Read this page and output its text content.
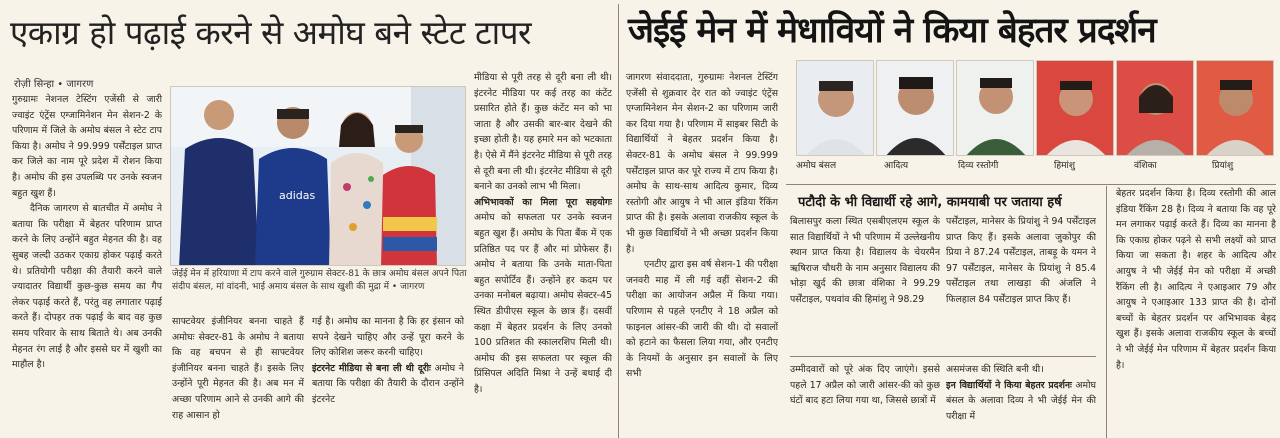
एकाग्र हो पढ़ाई करने से अमोघ बने स्टेट टापर
रोज़ी सिन्हा • जागरण

गुरुग्रामः नेशनल टेस्टिंग एजेंसी से जारी ज्वाइंट एंट्रेंस एग्जामिनेशन मेन सेशन-2 के परिणाम में जिले के अमोघ बंसल ने स्टेट टाप किया है। अमोघ ने 99.999 पर्सेंटाइल प्राप्त कर जिले का नाम पूरे प्रदेश में रोशन किया है। अमोघ की इस उपलब्धि पर उनके स्वजन बहुत खुश हैं।

दैनिक जागरण से बातचीत में अमोघ ने बताया कि परीक्षा में बेहतर परिणाम प्राप्त करने के लिए उन्होंने बहुत मेहनत की है। वह सुबह जल्दी उठकर एकाग्र होकर पढ़ाई करते थे। प्रतियोगी परीक्षा की तैयारी करने वाले ज्यादातर विद्यार्थी कुछ-कुछ समय का गैप लेकर पढ़ाई करते हैं, परंतु वह लगातार पढ़ाई करते हैं। दोपहर तक पढ़ाई के बाद वह कुछ समय परिवार के साथ बिताते थे। अब उनकी मेहनत रंग लाई है और इससे घर में खुशी का माहौल है।

adidas
जेईई मेन में हरियाणा में टाप करने वाले गुरुग्राम सेक्टर-81 के छात्र अमोघ बंसल अपने पिता संदीप बंसल, मां वांदनी, भाई अमाय बंसल के साथ खुशी की मुद्रा में • जागरण

साफ्टवेयर इंजीनियर बनना चाहते हैं अमोघः सेक्टर-81 के अमोघ ने बताया कि वह बचपन से ही साफ्टवेयर इंजीनियर बनना चाहते हैं। इसके लिए उन्होंने पूरी मेहनत की है। अब मन में अच्छा परिणाम आने से उनकी आगे की राह आसान हो

गई है। अमोघ का मानना है कि हर इंसान को सपने देखने चाहिए और उन्हें पूरा करने के लिए कोशिश जरूर करनी चाहिए।

इंटरनेट मीडिया से बना ली थी दूरीः अमोघ ने बताया कि परीक्षा की तैयारी के दौरान उन्होंने इंटरनेट

मीडिया से पूरी तरह से दूरी बना ली थी। इंटरनेट मीडिया पर कई तरह का कंटेंट प्रसारित होते हैं। कुछ कंटेंट मन को भा जाता है और उसकी बार-बार देखने की इच्छा होती है। यह हमारे मन को भटकाता है। ऐसे में मैंने इंटरनेट मीडिया से पूरी तरह से दूरी बना ली थी। इंटरनेट मीडिया से दूरी बनाने का उनको लाभ भी मिला।

अभिभावकों का मिला पूरा सहयोगः अमोघ को सफलता पर उनके स्वजन बहुत खुश हैं। अमोघ के पिता बैंक में एक प्रतिष्ठित पद पर हैं और मां प्रोफेसर हैं। अमोघ ने बताया कि उनके माता-पिता बहुत सपोर्टिव हैं। उन्होंने हर कदम पर उनका मनोबल बढ़ाया। अमोघ सेक्टर-45 स्थित डीपीएस स्कूल के छात्र हैं। दसवीं कक्षा में बेहतर प्रदर्शन के लिए उनको 100 प्रतिशत की स्कालरशिप मिली थी। अमोघ की इस सफलता पर स्कूल की प्रिंसिपल अदिति मिश्रा ने उन्हें बधाई दी है।

जेईई मेन में मेधावियों ने किया बेहतर प्रदर्शन

जागरण संवाददाता, गुरुग्रामः नेशनल टेस्टिंग एजेंसी से शुक्रवार देर रात को ज्वाइंट एंट्रेंस एग्जामिनेशन मेन सेशन-2 का परिणाम जारी कर दिया गया है। परिणाम में साइबर सिटी के विद्यार्थियों ने बेहतर प्रदर्शन किया है। सेक्टर-81 के अमोघ बंसल ने 99.999 पर्सेंटाइल प्राप्त कर पूरे राज्य में टाप किया है। अमोघ के साथ-साथ आदित्य कुमार, दिव्य रस्तोगी और आयुष ने भी आल इंडिया रैंकिंग प्राप्त की है। इसके अलावा राजकीय स्कूल के भी कुछ विद्यार्थियों ने भी अच्छा प्रदर्शन किया है।

एनटीए द्वारा इस वर्ष सेशन-1 की परीक्षा जनवरी माह में ली गई वहीं सेशन-2 की परीक्षा का आयोजन अप्रैल में किया गया। परिणाम से पहले एनटीए ने 18 अप्रैल को फाइनल आंसर-की जारी की थी। दो सवालों को हटाने का फैसला लिया गया, और एनटीए के नियमों के अनुसार इन सवालों के लिए सभी

अमोघ बंसल	आदित्य	दिव्य रस्तोगी	हिमांशु	वंशिका	प्रियांशु
पटौदी के भी विद्यार्थी रहे आगे, कामयाबी पर जताया हर्ष

बिलासपुर कला स्थित एसबीएलएम स्कूल के सात विद्यार्थियों ने भी परिणाम में उल्लेखनीय स्थान प्राप्त किया है। विद्यालय के चेयरमैन ऋषिराज चौधरी के नाम अनुसार विद्यालय की भोड़ा खुर्द की छात्रा वंशिका ने 99.29 पर्सेंटाइल, पथवांव की हिमांशु ने 98.29

पर्सेंटाइल, मानेसर के प्रियांशु ने 94 पर्सेंटाइल प्राप्त किए हैं। इसके अलावा जुकोपुर की प्रिया ने 87.24 पर्सेंटाइल, ताबड़ू के यमन ने 97 पर्सेंटाइल, मानेसर के प्रियांशु ने 85.4 पर्सेंटाइल तथा लाखड़ा की अंजलि ने फिलहाल 84 पर्सेंटाइल प्राप्त किए हैं।

उम्मीदवारों को पूरे अंक दिए जाएंगे। इससे पहले 17 अप्रैल को जारी आंसर-की को कुछ घंटों बाद हटा लिया गया था, जिससे छात्रों में

असमंजस की स्थिति बनी थी।

इन विद्यार्थियों ने किया बेहतर प्रदर्शनः अमोघ बंसल के अलावा दिव्य ने भी जेईई मेन की परीक्षा में

बेहतर प्रदर्शन किया है। दिव्य रस्तोगी की आल इंडिया रैंकिंग 28 है। दिव्य ने बताया कि वह पूरे मन लगाकर पढ़ाई करते हैं। दिव्य का मानना है कि एकाग्र होकर पढ़ने से सभी लक्ष्यों को प्राप्त किया जा सकता है। शहर के आदित्य और आयुष ने भी जेईई मेन को परीक्षा में अच्छी रैंकिंग ली है। आदित्य ने एआइआर 79 और आयुष ने एआइआर 133 प्राप्त की है। दोनों बच्चों के बेहतर प्रदर्शन पर अभिभावक बेहद खुश हैं। इसके अलावा राजकीय स्कूल के बच्चों ने भी जेईई मेन परिणाम में बेहतर प्रदर्शन किया है।
